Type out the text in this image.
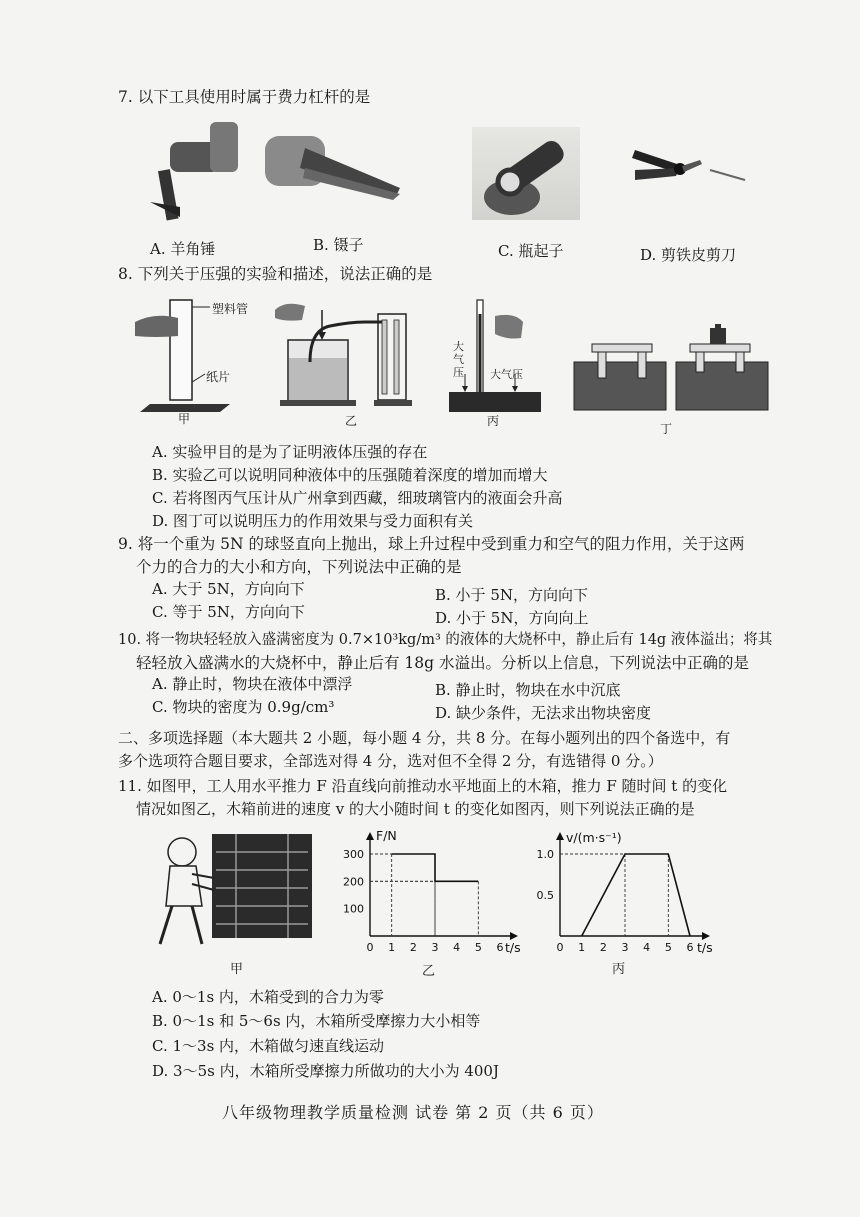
7. 以下工具使用时属于费力杠杆的是
A. 羊角锤	B. 镊子	C. 瓶起子	D. 剪铁皮剪刀
8. 下列关于压强的实验和描述，说法正确的是
塑料管
纸片
甲	乙
大气压 大气压
丙
丁
A. 实验甲目的是为了证明液体压强的存在
B. 实验乙可以说明同种液体中的压强随着深度的增加而增大
C. 若将图丙气压计从广州拿到西藏，细玻璃管内的液面会升高
D. 图丁可以说明压力的作用效果与受力面积有关
9. 将一个重为 5N 的球竖直向上抛出，球上升过程中受到重力和空气的阻力作用，关于这两
个力的合力的大小和方向，下列说法中正确的是
A. 大于 5N，方向向下	B. 小于 5N，方向向下
C. 等于 5N，方向向下	D. 小于 5N，方向向上
10. 将一物块轻轻放入盛满密度为 0.7×10³kg/m³ 的液体的大烧杯中，静止后有 14g 液体溢出；将其
轻轻放入盛满水的大烧杯中，静止后有 18g 水溢出。分析以上信息，下列说法中正确的是
A. 静止时，物块在液体中漂浮	B. 静止时，物块在水中沉底
C. 物块的密度为 0.9g/cm³	D. 缺少条件，无法求出物块密度
二、多项选择题（本大题共 2 小题，每小题 4 分，共 8 分。在每小题列出的四个备选中，有
多个选项符合题目要求，全部选对得 4 分，选对但不全得 2 分，有选错得 0 分。）
11. 如图甲，工人用水平推力 F 沿直线向前推动水平地面上的木箱，推力 F 随时间 t 的变化
情况如图乙，木箱前进的速度 v 的大小随时间 t 的变化如图丙，则下列说法正确的是
甲
F/N
t/s
0 1 2 3 4 5 6
100
200
300
乙
v/(m·s⁻¹)
t/s
0 1 2 3 4 5 6
0.5
1.0
丙
A. 0～1s 内，木箱受到的合力为零
B. 0～1s 和 5～6s 内，木箱所受摩擦力大小相等
C. 1～3s 内，木箱做匀速直线运动
D. 3～5s 内，木箱所受摩擦力所做功的大小为 400J
八年级物理教学质量检测 试卷 第 2 页（共 6 页）
